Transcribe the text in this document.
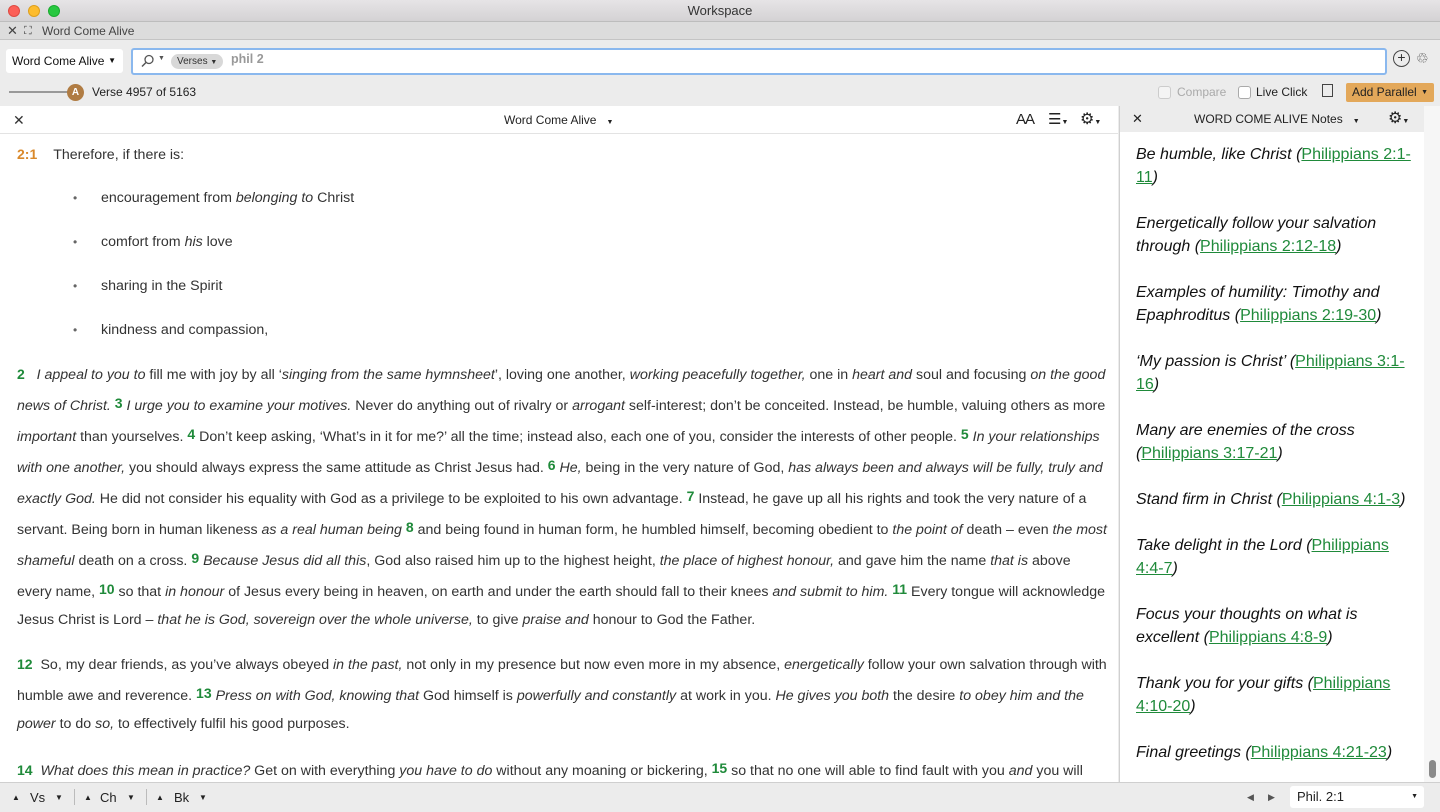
Workspace
✕ ⛶ Word Come Alive
Word Come Alive ▼	▼	Verses ▼	phil 2	+ ♲
A	Verse 4957 of 5163	Compare Live Click	Add Parallel ▼
✕	Word Come Alive ▼	AA ☰▼ ⚙▼
2:1 Therefore, if there is:
• encouragement from belonging to Christ
• comfort from his love
• sharing in the Spirit
• kindness and compassion,
2 I appeal to you to fill me with joy by all ‘singing from the same hymnsheet’, loving one another, working peacefully together, one in heart and soul and focusing on the good news of Christ. 3 I urge you to examine your motives. Never do anything out of rivalry or arrogant self-interest; don’t be conceited. Instead, be humble, valuing others as more important than yourselves. 4 Don’t keep asking, ‘What’s in it for me?’ all the time; instead also, each one of you, consider the interests of other people. 5 In your relationships with one another, you should always express the same attitude as Christ Jesus had. 6 He, being in the very nature of God, has always been and always will be fully, truly and exactly God. He did not consider his equality with God as a privilege to be exploited to his own advantage. 7 Instead, he gave up all his rights and took the very nature of a servant. Being born in human likeness as a real human being 8 and being found in human form, he humbled himself, becoming obedient to the point of death – even the most shameful death on a cross. 9 Because Jesus did all this, God also raised him up to the highest height, the place of highest honour, and gave him the name that is above every name, 10 so that in honour of Jesus every being in heaven, on earth and under the earth should fall to their knees and submit to him. 11 Every tongue will acknowledge Jesus Christ is Lord – that he is God, sovereign over the whole universe, to give praise and honour to God the Father.
12  So, my dear friends, as you’ve always obeyed in the past, not only in my presence but now even more in my absence, energetically follow your own salvation through with humble awe and reverence. 13 Press on with God, knowing that God himself is powerfully and constantly at work in you. He gives you both the desire to obey him and the power to do so, to effectively fulfil his good purposes.
14 What does this mean in practice? Get on with everything you have to do without any moaning or bickering, 15 so that no one will able to find fault with you and you will
✕	WORD COME ALIVE Notes ▼ ⚙▼
Be humble, like Christ (Philippians 2:1-11)
Energetically follow your salvation through (Philippians 2:12-18)
Examples of humility: Timothy and Epaphroditus (Philippians 2:19-30)
‘My passion is Christ’ (Philippians 3:1-16)
Many are enemies of the cross (Philippians 3:17-21)
Stand firm in Christ (Philippians 4:1-3)
Take delight in the Lord (Philippians 4:4-7)
Focus your thoughts on what is excellent (Philippians 4:8-9)
Thank you for your gifts (Philippians 4:10-20)
Final greetings (Philippians 4:21-23)
▲ Vs ▼	▲ Ch ▼	▲ Bk ▼	◀ ▶ Phil. 2:1	▼
